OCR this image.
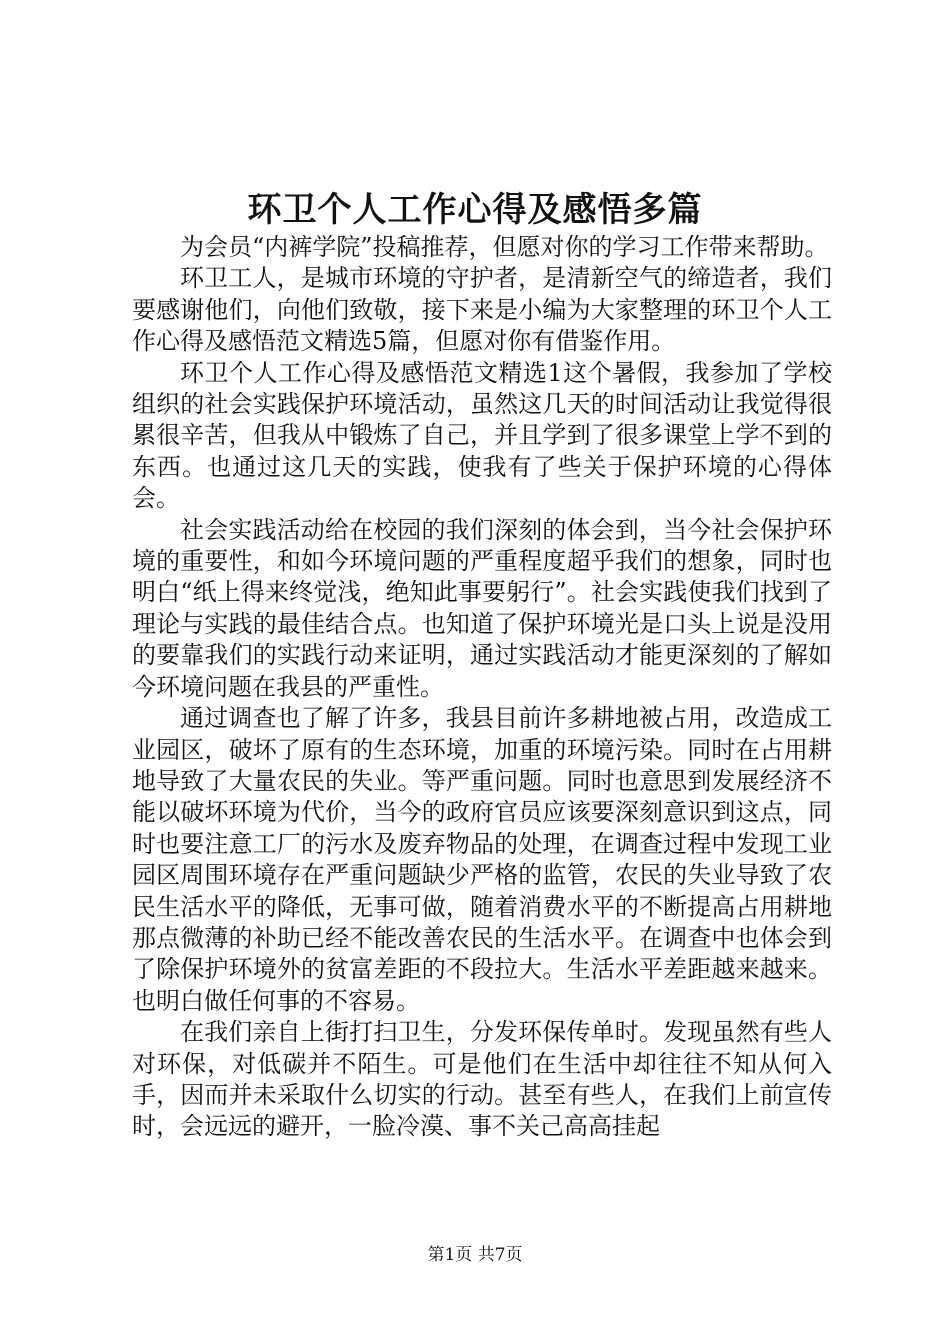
环卫个人工作心得及感悟多篇

为会员“内裤学院”投稿推荐，但愿对你的学习工作带来帮助。

环卫工人，是城市环境的守护者，是清新空气的缔造者，我们要感谢他们，向他们致敬，接下来是小编为大家整理的环卫个人工作心得及感悟范文精选5篇，但愿对你有借鉴作用。

环卫个人工作心得及感悟范文精选1这个暑假，我参加了学校组织的社会实践保护环境活动，虽然这几天的时间活动让我觉得很累很辛苦，但我从中锻炼了自己，并且学到了很多课堂上学不到的东西。也通过这几天的实践，使我有了些关于保护环境的心得体会。

社会实践活动给在校园的我们深刻的体会到，当今社会保护环境的重要性，和如今环境问题的严重程度超乎我们的想象，同时也明白“纸上得来终觉浅，绝知此事要躬行”。社会实践使我们找到了理论与实践的最佳结合点。也知道了保护环境光是口头上说是没用的要靠我们的实践行动来证明，通过实践活动才能更深刻的了解如今环境问题在我县的严重性。

通过调查也了解了许多，我县目前许多耕地被占用，改造成工业园区，破坏了原有的生态环境，加重的环境污染。同时在占用耕地导致了大量农民的失业。等严重问题。同时也意思到发展经济不能以破坏环境为代价，当今的政府官员应该要深刻意识到这点，同时也要注意工厂的污水及废弃物品的处理，在调查过程中发现工业园区周围环境存在严重问题缺少严格的监管，农民的失业导致了农民生活水平的降低，无事可做，随着消费水平的不断提高占用耕地那点微薄的补助已经不能改善农民的生活水平。在调查中也体会到了除保护环境外的贫富差距的不段拉大。生活水平差距越来越来。也明白做任何事的不容易。

在我们亲自上街打扫卫生，分发环保传单时。发现虽然有些人对环保，对低碳并不陌生。可是他们在生活中却往往不知从何入手，因而并未采取什么切实的行动。甚至有些人，在我们上前宣传时，会远远的避开，一脸冷漠、事不关己高高挂起

第1页 共7页
